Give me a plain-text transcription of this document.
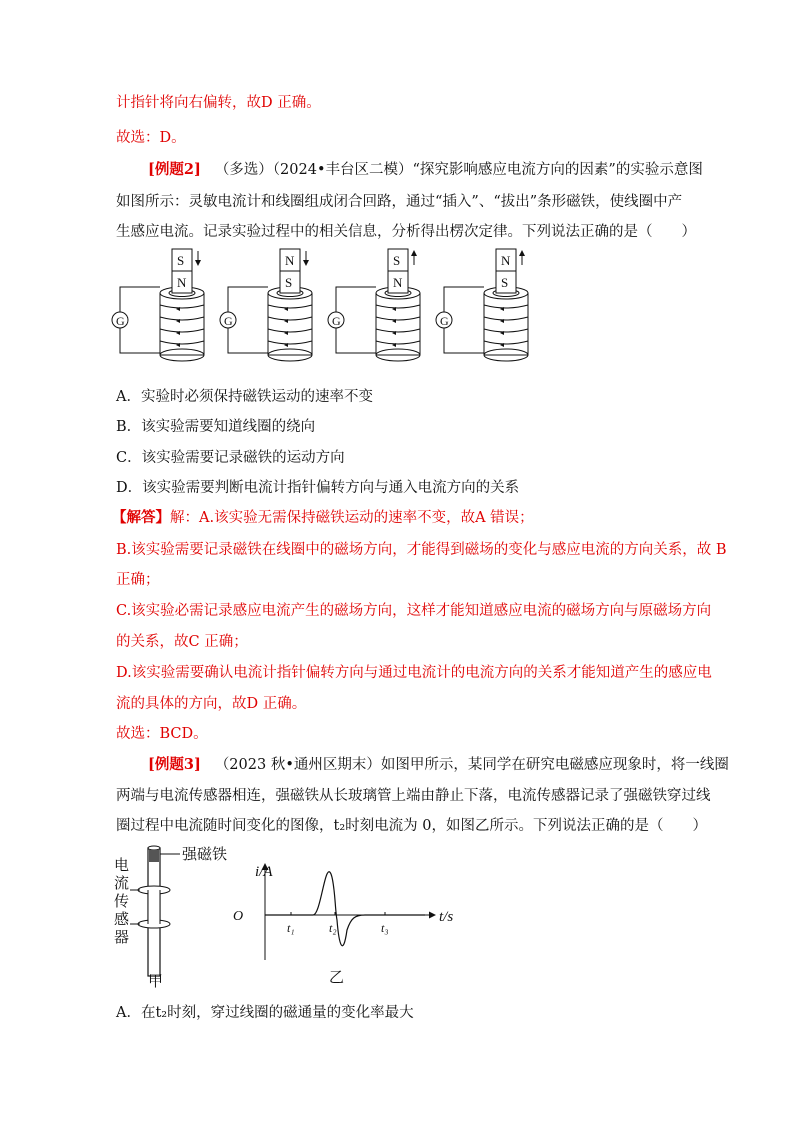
计指针将向右偏转，故D 正确。
故选：D。
[例题2] （多选）（2024•丰台区二模）“探究影响感应电流方向的因素”的实验示意图
如图所示：灵敏电流计和线圈组成闭合回路，通过“插入”、“拔出”条形磁铁，使线圈中产
生感应电流。记录实验过程中的相关信息，分析得出楞次定律。下列说法正确的是（　　）
G
S
N
G
N
S
G
S
N
G
N
S
A．实验时必须保持磁铁运动的速率不变
B．该实验需要知道线圈的绕向
C．该实验需要记录磁铁的运动方向
D．该实验需要判断电流计指针偏转方向与通入电流方向的关系
【解答】解：A.该实验无需保持磁铁运动的速率不变，故A 错误；
B.该实验需要记录磁铁在线圈中的磁场方向，才能得到磁场的变化与感应电流的方向关系，故 B
正确；
C.该实验必需记录感应电流产生的磁场方向，这样才能知道感应电流的磁场方向与原磁场方向
的关系，故C 正确；
D.该实验需要确认电流计指针偏转方向与通过电流计的电流方向的关系才能知道产生的感应电
流的具体的方向，故D 正确。
故选：BCD。
[例题3] （2023 秋•通州区期末）如图甲所示，某同学在研究电磁感应现象时，将一线圈
两端与电流传感器相连，强磁铁从长玻璃管上端由静止下落，电流传感器记录了强磁铁穿过线
圈过程中电流随时间变化的图像，t₂时刻电流为 0，如图乙所示。下列说法正确的是（　　）
电
流
传
感
器
强磁铁
甲
i/A
t/s
O
t₁	t₂	t₃
乙
A．在t₂时刻，穿过线圈的磁通量的变化率最大
